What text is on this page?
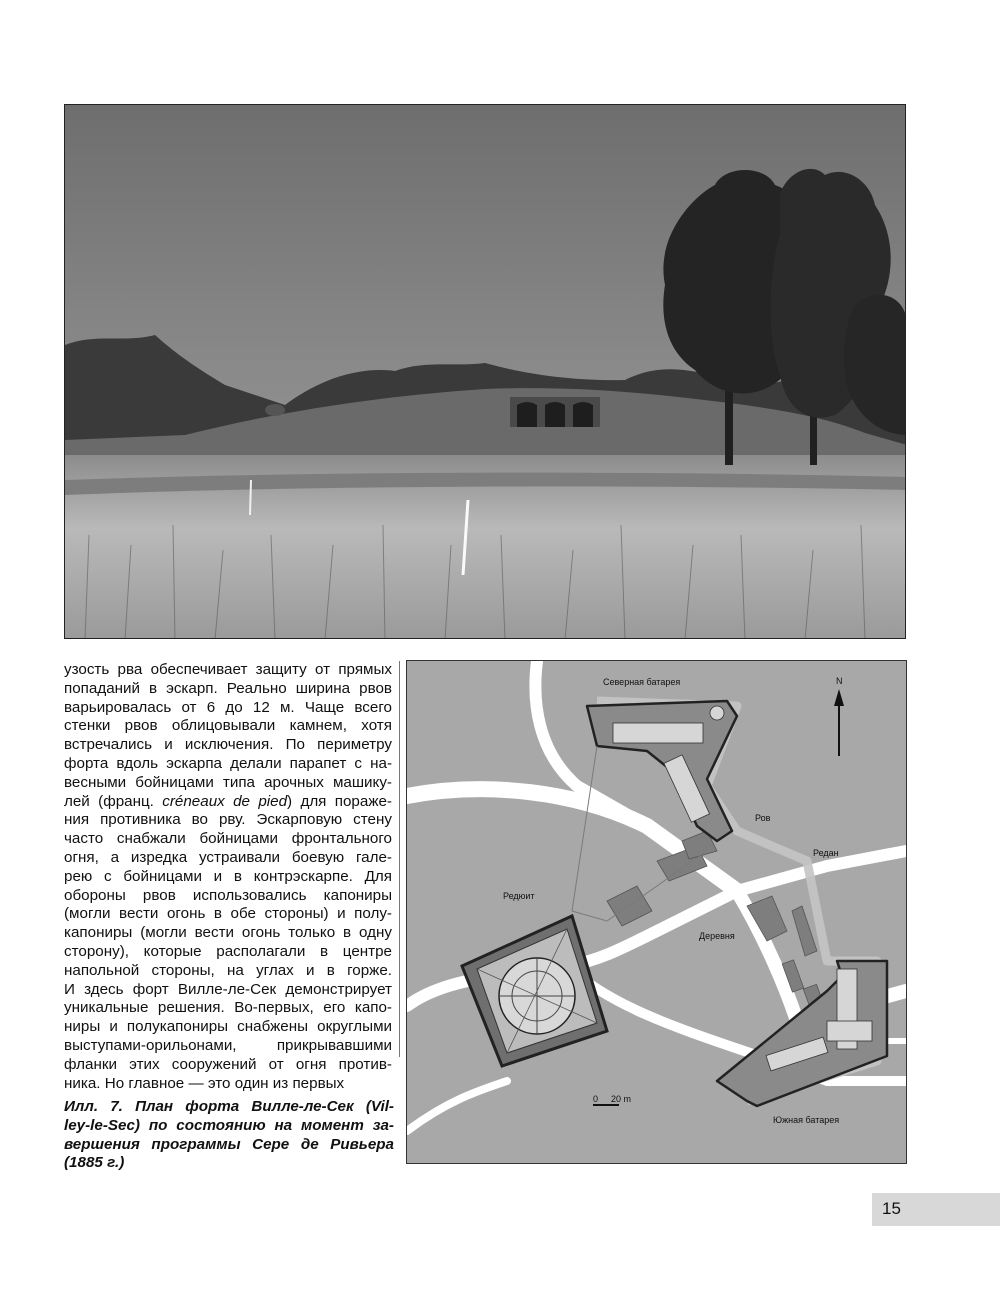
узость рва обеспечивает защиту от прямых
попаданий в эскарп. Реально ширина рвов
варьировалась от 6 до 12 м. Чаще всего
стенки рвов облицовывали камнем, хотя
встречались и исключения. По периметру
форта вдоль эскарпа делали парапет с на-
весными бойницами типа арочных машику-
лей (франц. créneaux de pied) для пораже-
ния противника во рву. Эскарповую стену
часто снабжали бойницами фронтального
огня, а изредка устраивали боевую гале-
рею с бойницами и в контрэскарпе. Для
обороны рвов использовались капониры
(могли вести огонь в обе стороны) и полу-
капониры (могли вести огонь только в одну
сторону), которые располагали в центре
напольной стороны, на углах и в горже.
И здесь форт Вилле-ле-Сек демонстрирует
уникальные решения. Во-первых, его капо-
ниры и полукапониры снабжены округлыми
выступами-орильонами, прикрывавшими
фланки этих сооружений от огня против-
ника. Но главное — это один из первых
Илл. 7. План форта Вилле-ле-Сек (Vil-
ley-le-Sec) по состоянию на момент за-
вершения программы Сере де Ривьера
(1885 г.)
Северная батарея	N
Ров
Редан
Редюит
Деревня
0 20 m
Южная батарея
15
